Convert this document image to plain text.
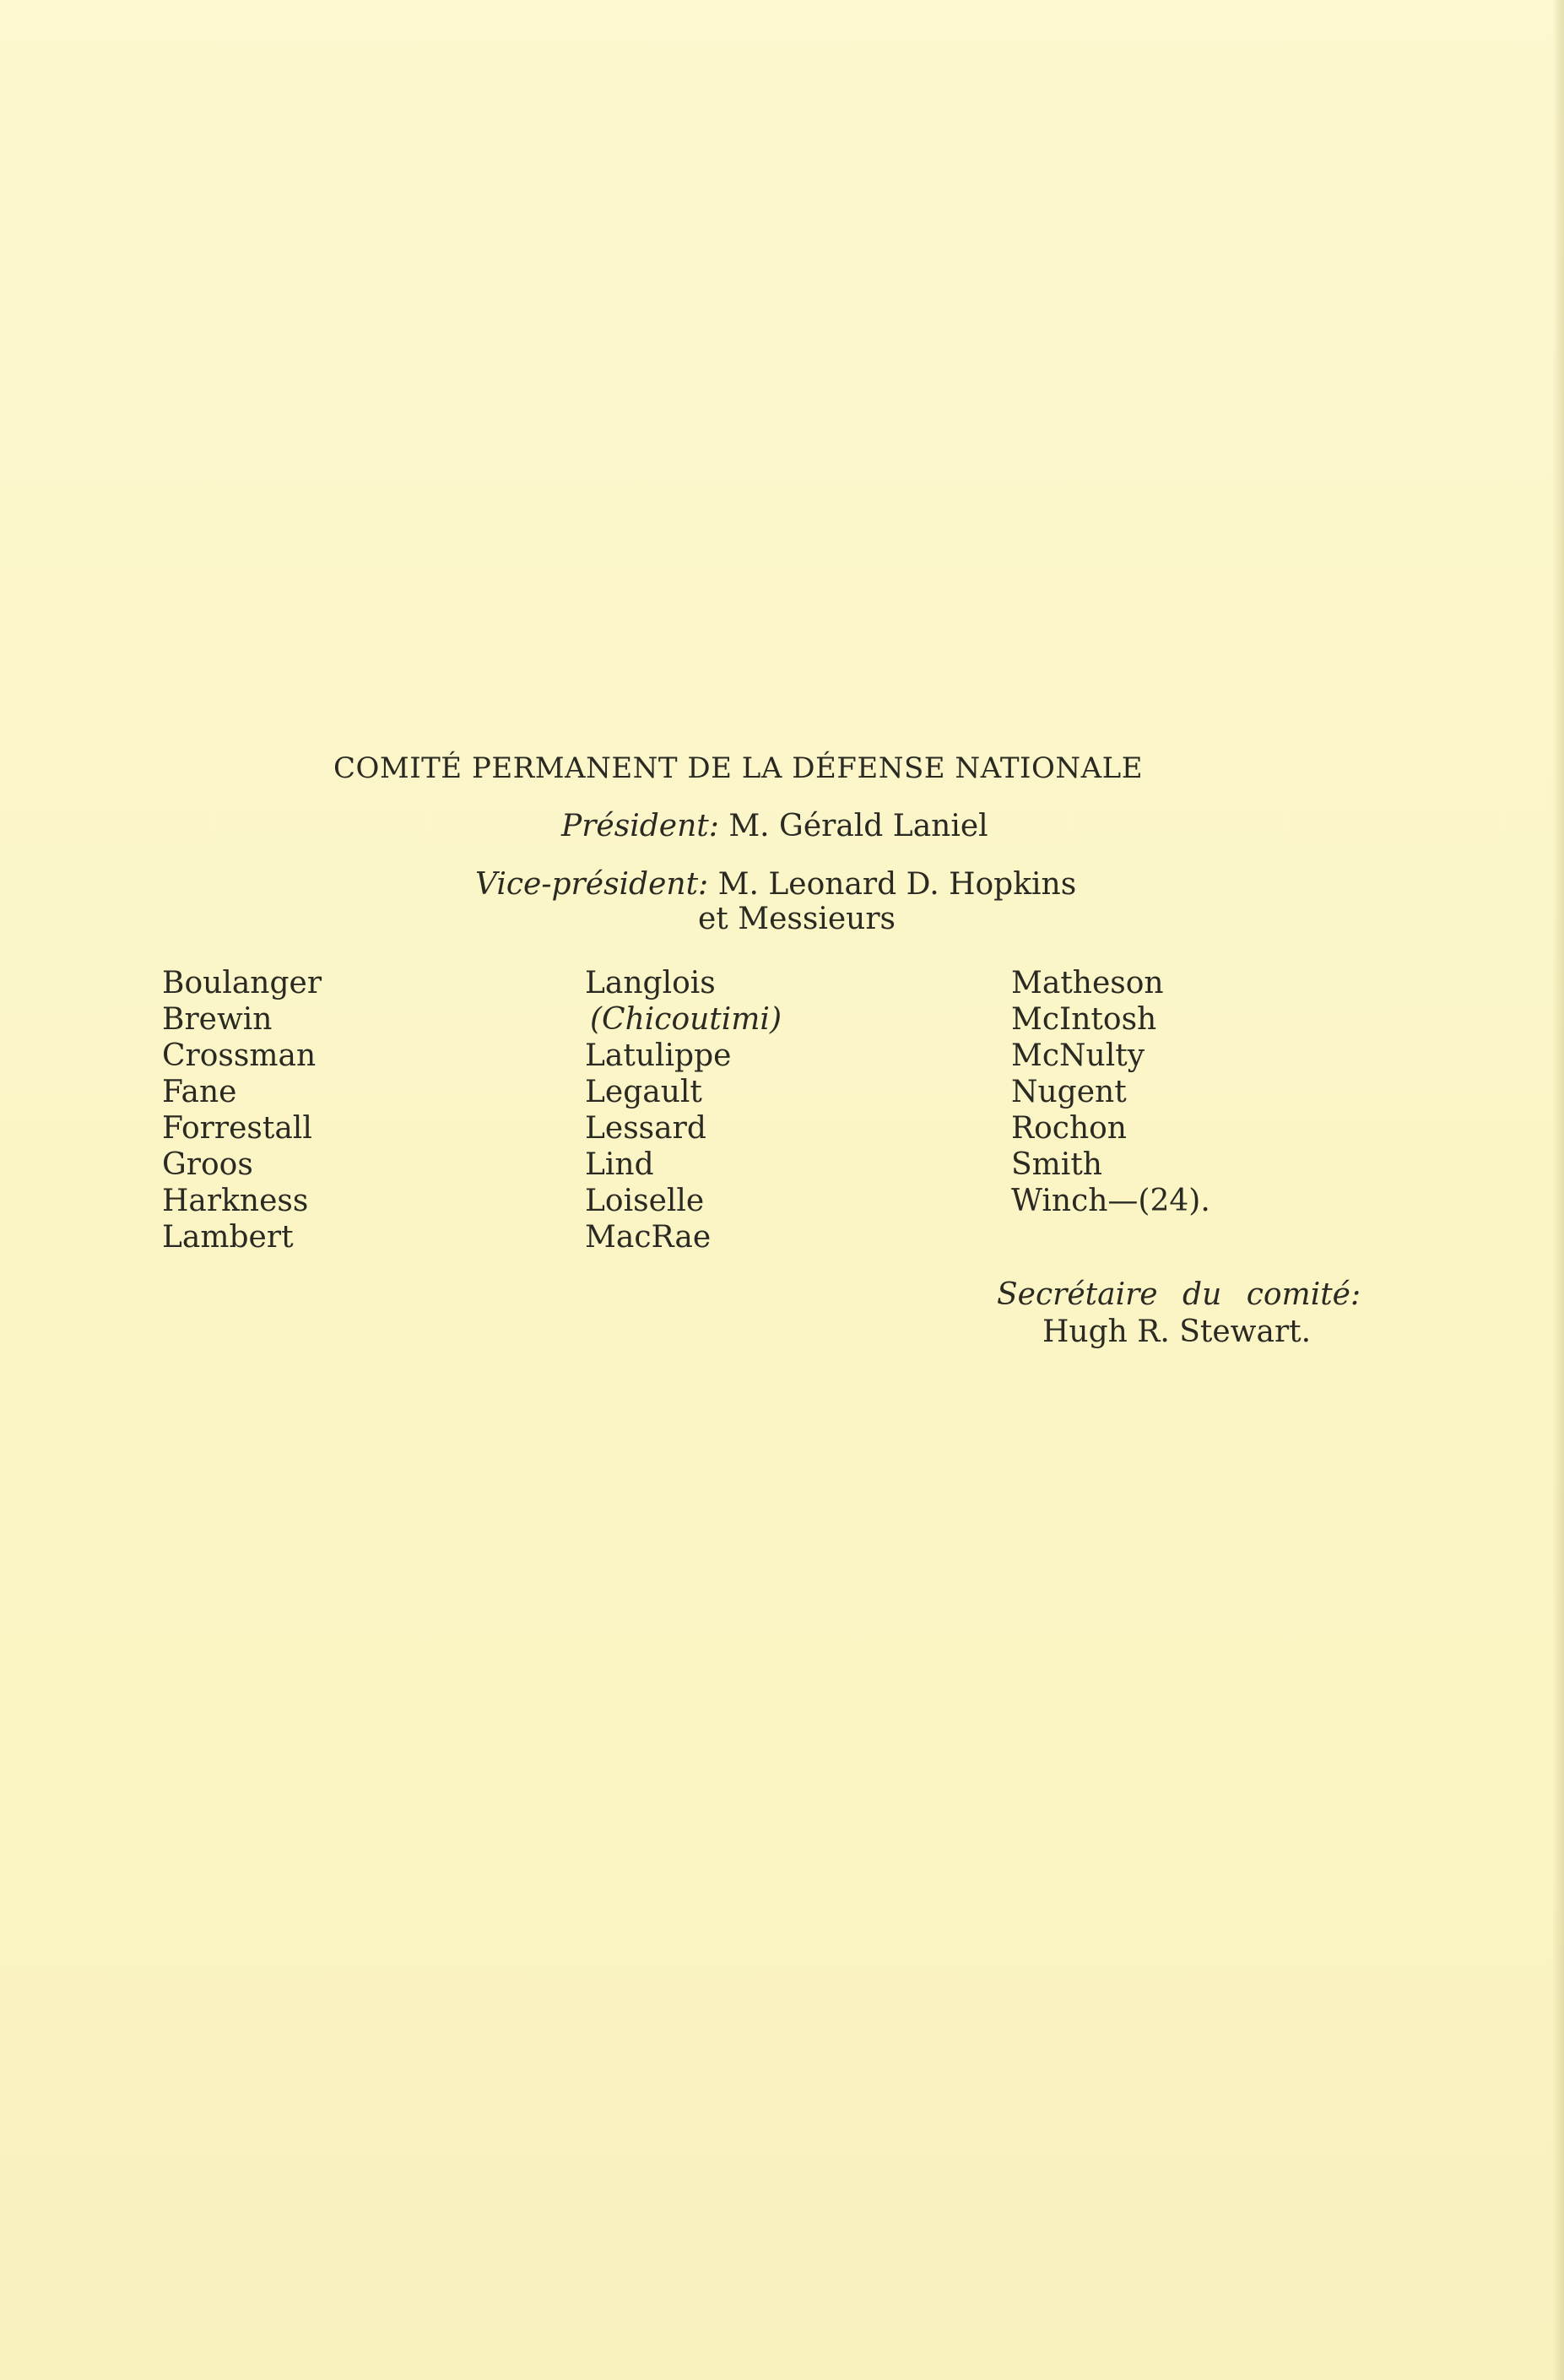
COMITÉ PERMANENT DE LA DÉFENSE NATIONALE
Président: M. Gérald Laniel
Vice-président: M. Leonard D. Hopkins
et Messieurs
Boulanger
Brewin
Crossman
Fane
Forrestall
Groos
Harkness
Lambert
Langlois
(Chicoutimi)
Latulippe
Legault
Lessard
Lind
Loiselle
MacRae
Matheson
McIntosh
McNulty
Nugent
Rochon
Smith
Winch—(24).
Secrétaire du comité:
Hugh R. Stewart.
